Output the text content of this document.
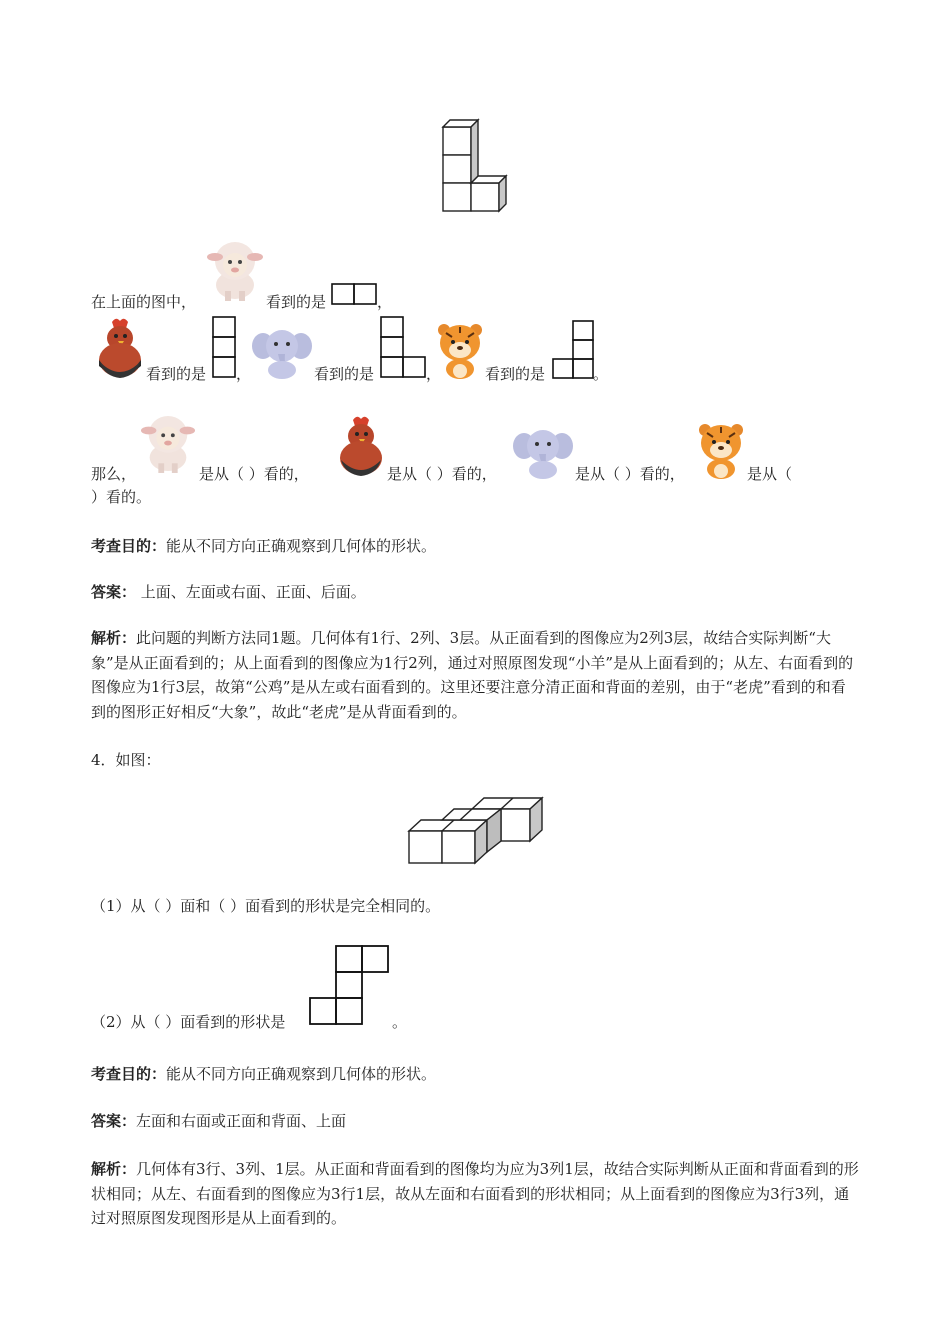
在上面的图中，	看到的是	，
看到的是 ，	看到的是	，	看到的是	。
那么，	是从（ ）看的，	是从（ ）看的，	是从（ ）看的，	是从（
）看的。
考查目的：能从不同方向正确观察到几何体的形状。
答案： 上面、左面或右面、正面、后面。
解析：此问题的判断方法同1题。几何体有1行、2列、3层。从正面看到的图像应为2列3层，故结合实际判断“大象”是从正面看到的；从上面看到的图像应为1行2列，通过对照原图发现“小羊”是从上面看到的；从左、右面看到的图像应为1行3层，故第“公鸡”是从左或右面看到的。这里还要注意分清正面和背面的差别，由于“老虎”看到的和看到的图形正好相反“大象”，故此“老虎”是从背面看到的。
4．如图：
（1）从（ ）面和（ ）面看到的形状是完全相同的。
（2）从（ ）面看到的形状是	。
考查目的：能从不同方向正确观察到几何体的形状。
答案：左面和右面或正面和背面、上面
解析：几何体有3行、3列、1层。从正面和背面看到的图像均为应为3列1层，故结合实际判断从正面和背面看到的形状相同；从左、右面看到的图像应为3行1层，故从左面和右面看到的形状相同；从上面看到的图像应为3行3列，通过对照原图发现图形是从上面看到的。
